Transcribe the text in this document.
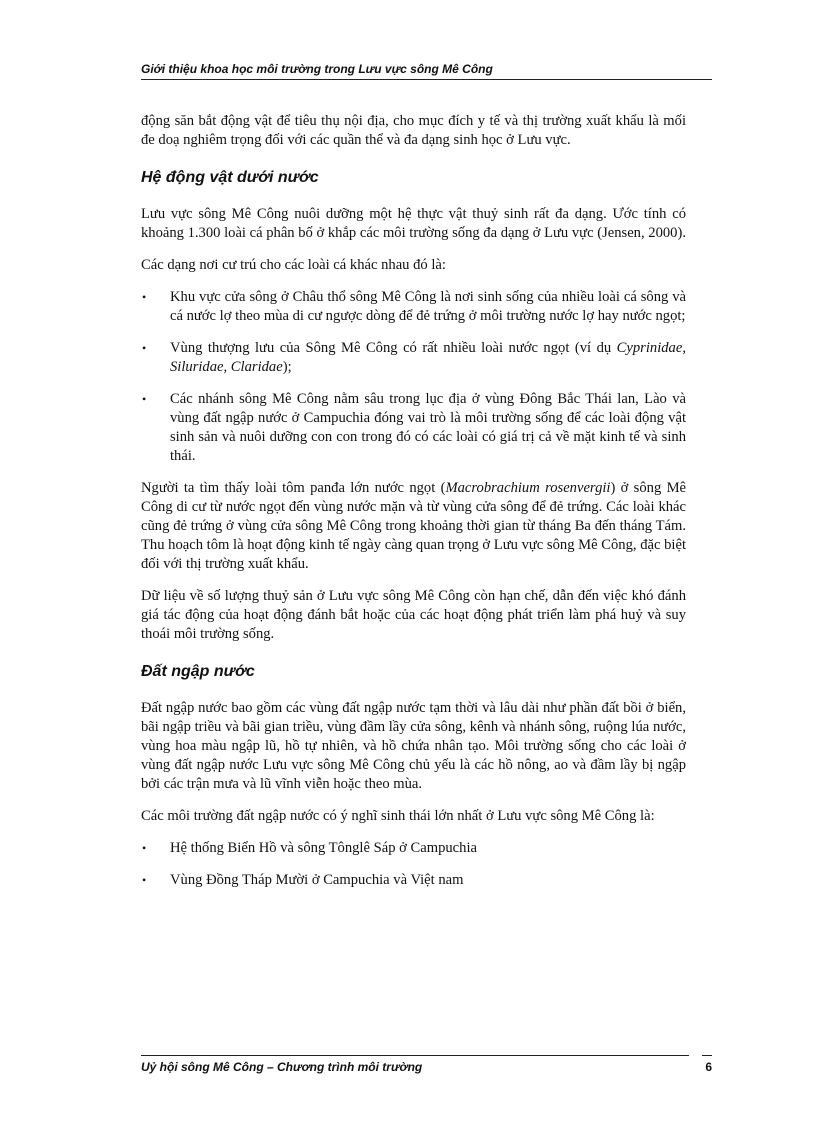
Giới thiệu khoa học môi trường trong Lưu vực sông Mê Công

động săn bắt động vật để tiêu thụ nội địa, cho mục đích y tế và thị trường xuất khẩu là mối đe doạ nghiêm trọng đối với các quần thể và đa dạng sinh học ở Lưu vực.

Hệ động vật dưới nước

Lưu vực sông Mê Công nuôi dưỡng một hệ thực vật thuỷ sinh rất đa dạng. Ước tính có khoảng 1.300 loài cá phân bố ở khắp các môi trường sống đa dạng ở Lưu vực (Jensen, 2000).

Các dạng nơi cư trú cho các loài cá khác nhau đó là:

• Khu vực cửa sông ở Châu thổ sông Mê Công là nơi sinh sống của nhiều loài cá sông và cá nước lợ theo mùa di cư ngược dòng để đẻ trứng ở môi trường nước lợ hay nước ngọt;

• Vùng thượng lưu của Sông Mê Công có rất nhiều loài nước ngọt (ví dụ Cyprinidae, Siluridae, Claridae);

• Các nhánh sông Mê Công nằm sâu trong lục địa ở vùng Đông Bắc Thái lan, Lào và vùng đất ngập nước ở Campuchia đóng vai trò là môi trường sống để các loài động vật sinh sản và nuôi dưỡng con con trong đó có các loài có giá trị cả về mặt kinh tế và sinh thái.

Người ta tìm thấy loài tôm panđa lớn nước ngọt (Macrobrachium rosenvergii) ở sông Mê Công di cư từ nước ngọt đến vùng nước mặn và từ vùng cửa sông để đẻ trứng. Các loài khác cũng đẻ trứng ở vùng cửa sông Mê Công trong khoảng thời gian từ tháng Ba đến tháng Tám. Thu hoạch tôm là hoạt động kinh tế ngày càng quan trọng ở Lưu vực sông Mê Công, đặc biệt đối với thị trường xuất khẩu.

Dữ liệu về số lượng thuỷ sản ở Lưu vực sông Mê Công còn hạn chế, dẫn đến việc khó đánh giá tác động của hoạt động đánh bắt hoặc của các hoạt động phát triển làm phá huỷ và suy thoái môi trường sống.

Đất ngập nước

Đất ngập nước bao gồm các vùng đất ngập nước tạm thời và lâu dài như phần đất bồi ở biển, bãi ngập triều và bãi gian triều, vùng đầm lầy cửa sông, kênh và nhánh sông, ruộng lúa nước, vùng hoa màu ngập lũ, hồ tự nhiên, và hồ chứa nhân tạo. Môi trường sống cho các loài ở vùng đất ngập nước Lưu vực sông Mê Công chủ yếu là các hồ nông, ao và đầm lầy bị ngập bởi các trận mưa và lũ vĩnh viễn hoặc theo mùa.

Các môi trường đất ngập nước có ý nghĩ sinh thái lớn nhất ở Lưu vực sông Mê Công là:

• Hệ thống Biển Hồ và sông Tônglê Sáp ở Campuchia

• Vùng Đồng Tháp Mười ở Campuchia và Việt nam

Uỷ hội sông Mê Công – Chương trình môi trường	6
